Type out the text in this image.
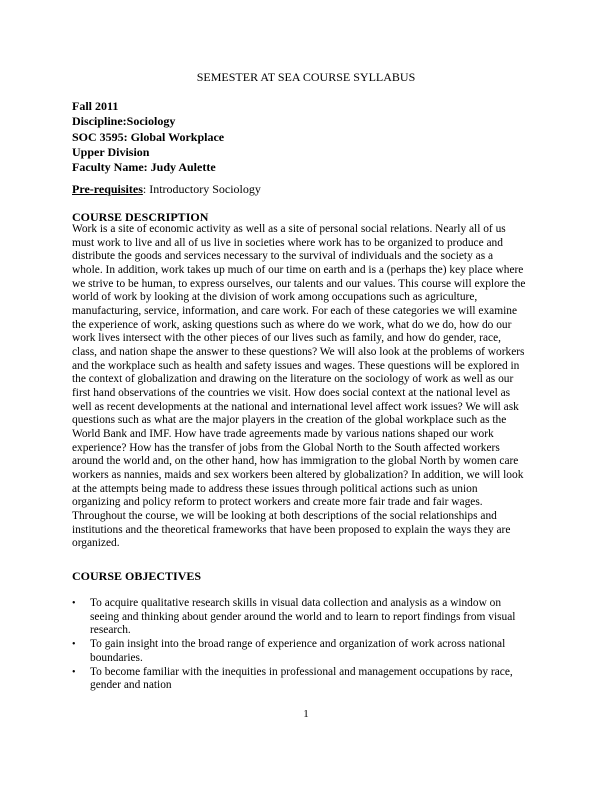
SEMESTER AT SEA COURSE SYLLABUS
Fall 2011
Discipline:Sociology
SOC 3595: Global Workplace
Upper Division
Faculty Name: Judy Aulette
Pre-requisites: Introductory Sociology
COURSE DESCRIPTION
Work is a site of economic activity as well as a site of personal social relations. Nearly all of us
must work to live and all of us live in societies where work has to be organized to produce and
distribute the goods and services necessary to the survival of individuals and the society as a
whole. In addition, work takes up much of our time on earth and is a (perhaps the) key place where
we strive to be human, to express ourselves, our talents and our values. This course will explore the
world of work by looking at the division of work among occupations such as agriculture,
manufacturing, service, information, and care work. For each of these categories we will examine
the experience of work, asking questions such as where do we work, what do we do, how do our
work lives intersect with the other pieces of our lives such as family, and how do gender, race,
class, and nation shape the answer to these questions? We will also look at the problems of workers
and the workplace such as health and safety issues and wages. These questions will be explored in
the context of globalization and drawing on the literature on the sociology of work as well as our
first hand observations of the countries we visit. How does social context at the national level as
well as recent developments at the national and international level affect work issues? We will ask
questions such as what are the major players in the creation of the global workplace such as the
World Bank and IMF. How have trade agreements made by various nations shaped our work
experience? How has the transfer of jobs from the Global North to the South affected workers
around the world and, on the other hand, how has immigration to the global North by women care
workers as nannies, maids and sex workers been altered by globalization? In addition, we will look
at the attempts being made to address these issues through political actions such as union
organizing and policy reform to protect workers and create more fair trade and fair wages.
Throughout the course, we will be looking at both descriptions of the social relationships and
institutions and the theoretical frameworks that have been proposed to explain the ways they are
organized.
COURSE OBJECTIVES
• To acquire qualitative research skills in visual data collection and analysis as a window on
seeing and thinking about gender around the world and to learn to report findings from visual
research.
• To gain insight into the broad range of experience and organization of work across national
boundaries.
• To become familiar with the inequities in professional and management occupations by race,
gender and nation
1
